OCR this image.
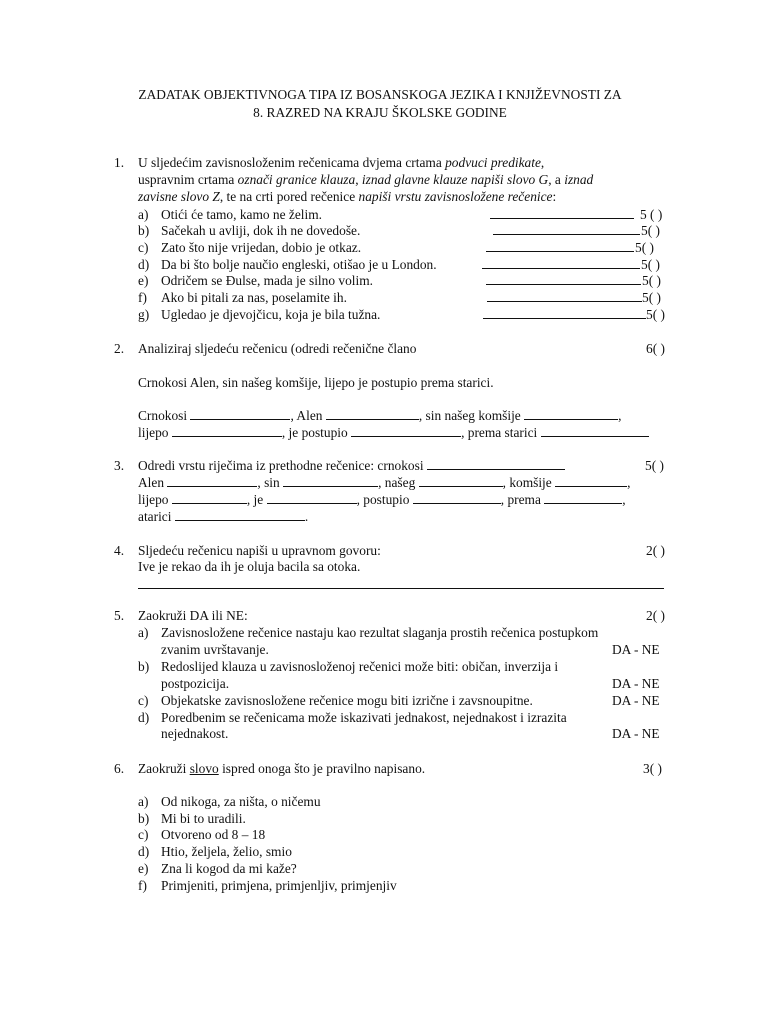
ZADATAK OBJEKTIVNOGA TIPA IZ BOSANSKOGA JEZIKA I KNJIŽEVNOSTI ZA
8. RAZRED NA KRAJU ŠKOLSKE GODINE
1. U sljedećim zavisnosloženim rečenicama dvjema crtama podvuci predikate,
uspravnim crtama označi granice klauza, iznad glavne klauze napiši slovo G, a iznad
zavisne slovo Z, te na crti pored rečenice napiši vrstu zavisnosložene rečenice:
a) Otići će tamo, kamo ne želim.	5 ( )
b) Sačekah u avliji, dok ih ne dovedoše.	5( )
c) Zato što nije vrijedan, dobio je otkaz.	5( )
d) Da bi što bolje naučio engleski, otišao je u London.	5( )
e) Odričem se Đulse, mada je silno volim.	5( )
f) Ako bi pitali za nas, poselamite ih.	5( )
g) Ugledao je djevojčicu, koja je bila tužna.	5( )
2. Analiziraj sljedeću rečenicu (odredi rečenične člano	6( )
Crnokosi Alen, sin našeg komšije, lijepo je postupio prema starici.
Crnokosi	, Alen	, sin našeg komšije	,
lijepo	, je postupio	, prema starici
3. Odredi vrstu riječima iz prethodne rečenice: crnokosi	5( )
Alen	, sin	, našeg	, komšije	,
lijepo	, je	, postupio	, prema	,
atarici	.
4. Sljedeću rečenicu napiši u upravnom govoru:	2( )
Ive je rekao da ih je oluja bacila sa otoka.
5. Zaokruži DA ili NE:	2( )
a) Zavisnosložene rečenice nastaju kao rezultat slaganja prostih rečenica postupkom
zvanim uvrštavanje.	DA - NE
b) Redoslijed klauza u zavisnosloženoj rečenici može biti: običan, inverzija i
postpozicija.	DA - NE
c) Objekatske zavisnosložene rečenice mogu biti izrične i zavsnoupitne.	DA - NE
d) Poredbenim se rečenicama može iskazivati jednakost, nejednakost i izrazita
nejednakost.	DA - NE
6. Zaokruži slovo ispred onoga što je pravilno napisano.	3( )
a) Od nikoga, za ništa, o ničemu
b) Mi bi to uradili.
c) Otvoreno od 8 – 18
d) Htio, željela, želio, smio
e) Zna li kogod da mi kaže?
f) Primjeniti, primjena, primjenljiv, primjenjiv
